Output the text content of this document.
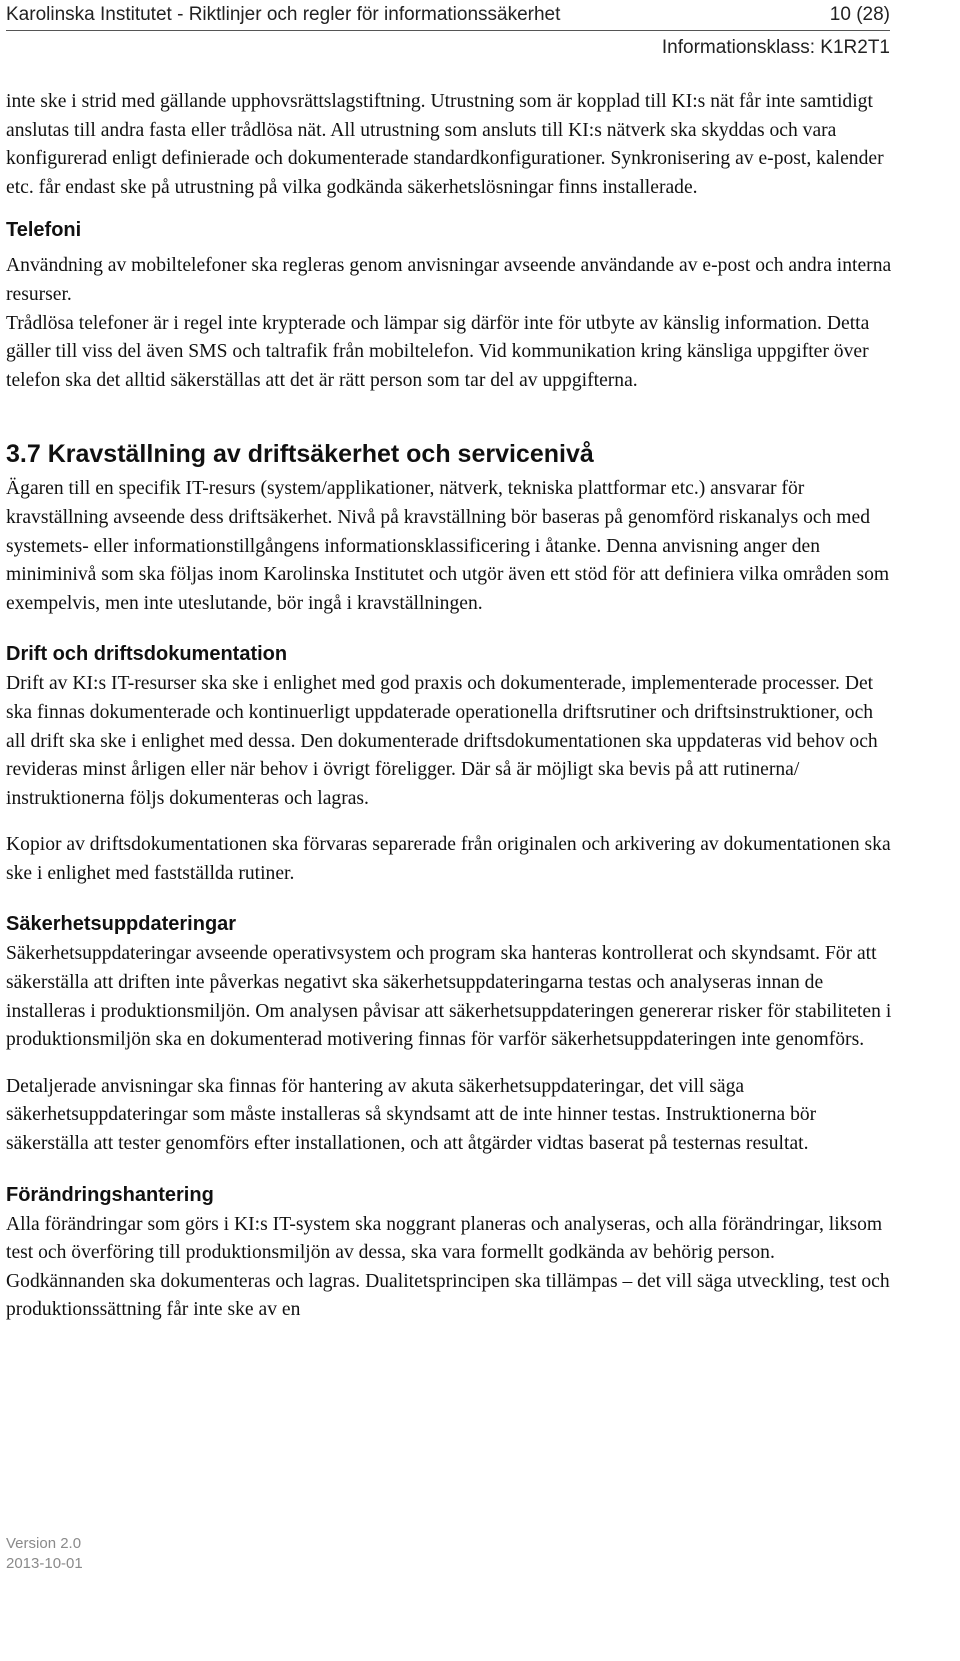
Karolinska Institutet - Riktlinjer och regler för informationssäkerhet	10 (28)
Informationsklass: K1R2T1

inte ske i strid med gällande upphovsrättslagstiftning. Utrustning som är kopplad till KI:s nät får inte samtidigt anslutas till andra fasta eller trådlösa nät. All utrustning som ansluts till KI:s nätverk ska skyddas och vara konfigurerad enligt definierade och dokumenterade standardkonfigurationer. Synkronisering av e-post, kalender etc. får endast ske på utrustning på vilka godkända säkerhetslösningar finns installerade.

Telefoni

Användning av mobiltelefoner ska regleras genom anvisningar avseende användande av e-post och andra interna resurser.

Trådlösa telefoner är i regel inte krypterade och lämpar sig därför inte för utbyte av känslig information. Detta gäller till viss del även SMS och taltrafik från mobiltelefon. Vid kommunikation kring känsliga uppgifter över telefon ska det alltid säkerställas att det är rätt person som tar del av uppgifterna.

3.7 Kravställning av driftsäkerhet och servicenivå

Ägaren till en specifik IT-resurs (system/applikationer, nätverk, tekniska plattformar etc.) ansvarar för kravställning avseende dess driftsäkerhet. Nivå på kravställning bör baseras på genomförd riskanalys och med systemets- eller informationstillgångens informationsklassificering i åtanke. Denna anvisning anger den miniminivå som ska följas inom Karolinska Institutet och utgör även ett stöd för att definiera vilka områden som exempelvis, men inte uteslutande, bör ingå i kravställningen.

Drift och driftsdokumentation

Drift av KI:s IT-resurser ska ske i enlighet med god praxis och dokumenterade, implementerade processer. Det ska finnas dokumenterade och kontinuerligt uppdaterade operationella driftsrutiner och driftsinstruktioner, och all drift ska ske i enlighet med dessa. Den dokumenterade driftsdokumentationen ska uppdateras vid behov och revideras minst årligen eller när behov i övrigt föreligger. Där så är möjligt ska bevis på att rutinerna/ instruktionerna följs dokumenteras och lagras.

Kopior av driftsdokumentationen ska förvaras separerade från originalen och arkivering av dokumentationen ska ske i enlighet med fastställda rutiner.

Säkerhetsuppdateringar

Säkerhetsuppdateringar avseende operativsystem och program ska hanteras kontrollerat och skyndsamt. För att säkerställa att driften inte påverkas negativt ska säkerhetsuppdateringarna testas och analyseras innan de installeras i produktionsmiljön. Om analysen påvisar att säkerhetsuppdateringen genererar risker för stabiliteten i produktionsmiljön ska en dokumenterad motivering finnas för varför säkerhetsuppdateringen inte genomförs.

Detaljerade anvisningar ska finnas för hantering av akuta säkerhetsuppdateringar, det vill säga säkerhetsuppdateringar som måste installeras så skyndsamt att de inte hinner testas. Instruktionerna bör säkerställa att tester genomförs efter installationen, och att åtgärder vidtas baserat på testernas resultat.

Förändringshantering

Alla förändringar som görs i KI:s IT-system ska noggrant planeras och analyseras, och alla förändringar, liksom test och överföring till produktionsmiljön av dessa, ska vara formellt godkända av behörig person. Godkännanden ska dokumenteras och lagras. Dualitetsprincipen ska tillämpas – det vill säga utveckling, test och produktionssättning får inte ske av en

Version 2.0
2013-10-01
